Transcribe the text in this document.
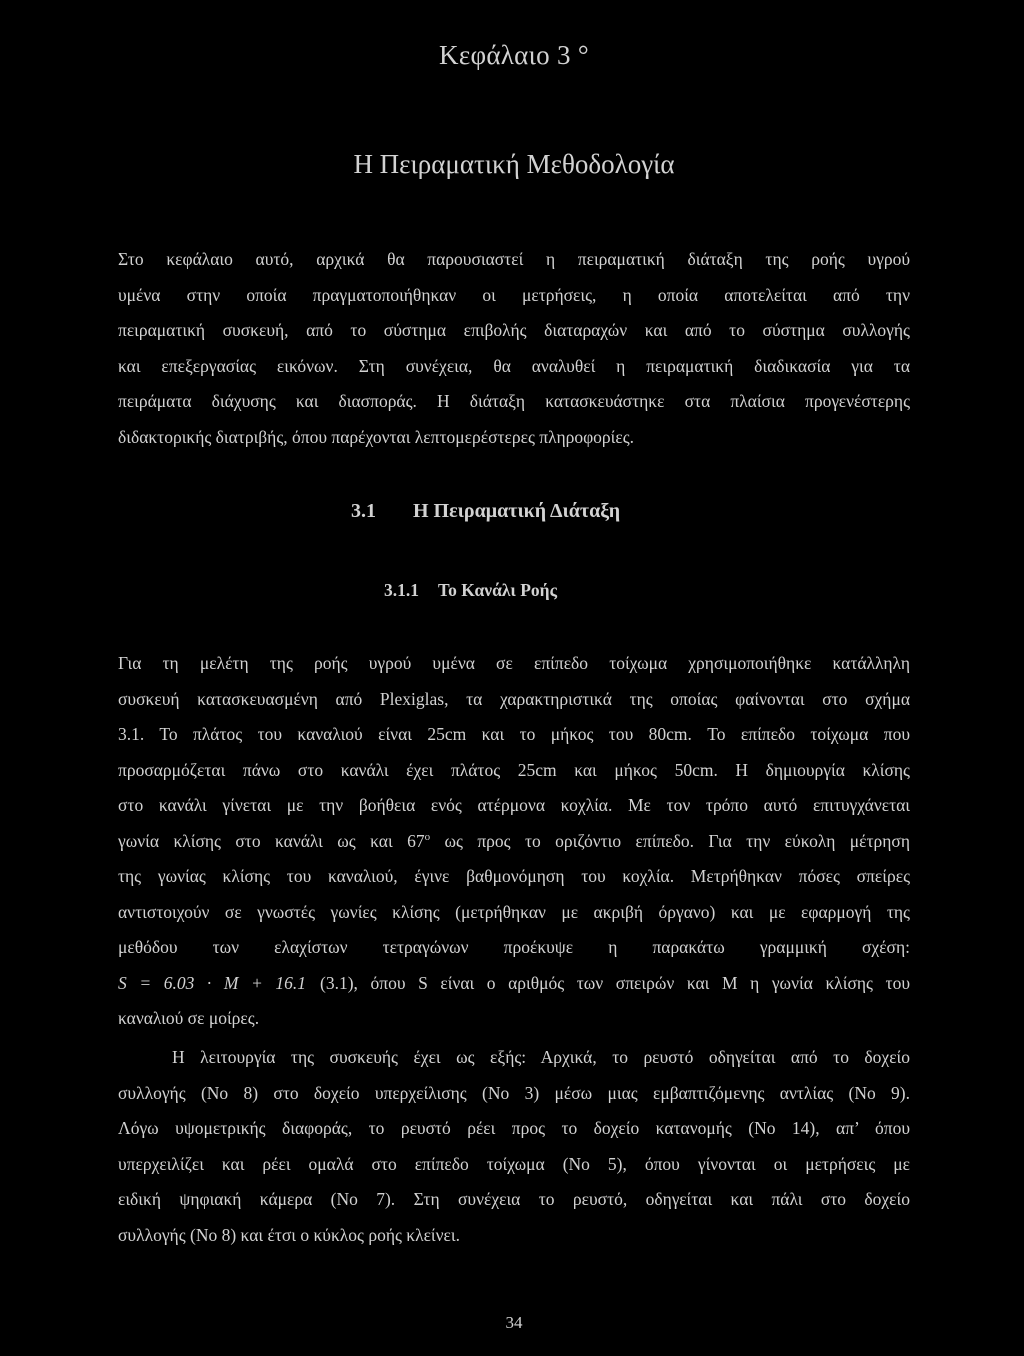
Κεφάλαιο 3 °
Η Πειραματική Μεθοδολογία
Στο κεφάλαιο αυτό, αρχικά θα παρουσιαστεί η πειραματική διάταξη της ροής υγρού
υμένα στην οποία πραγματοποιήθηκαν οι μετρήσεις, η οποία αποτελείται από την
πειραματική συσκευή, από το σύστημα επιβολής διαταραχών και από το σύστημα συλλογής
και επεξεργασίας εικόνων. Στη συνέχεια, θα αναλυθεί η πειραματική διαδικασία για τα
πειράματα διάχυσης και διασποράς. Η διάταξη κατασκευάστηκε στα πλαίσια προγενέστερης
διδακτορικής διατριβής, όπου παρέχονται λεπτομερέστερες πληροφορίες.
3.1 Η Πειραματική Διάταξη
3.1.1 Το Κανάλι Ροής
Για τη μελέτη της ροής υγρού υμένα σε επίπεδο τοίχωμα χρησιμοποιήθηκε κατάλληλη
συσκευή κατασκευασμένη από Plexiglas, τα χαρακτηριστικά της οποίας φαίνονται στο σχήμα
3.1. Το πλάτος του καναλιού είναι 25cm και το μήκος του 80cm. Το επίπεδο τοίχωμα που
προσαρμόζεται πάνω στο κανάλι έχει πλάτος 25cm και μήκος 50cm. Η δημιουργία κλίσης
στο κανάλι γίνεται με την βοήθεια ενός ατέρμονα κοχλία. Με τον τρόπο αυτό επιτυγχάνεται
γωνία κλίσης στο κανάλι ως και 67$^o$ ως προς το οριζόντιο επίπεδο. Για την εύκολη μέτρηση
της γωνίας κλίσης του καναλιού, έγινε βαθμονόμηση του κοχλία. Μετρήθηκαν πόσες σπείρες
αντιστοιχούν σε γνωστές γωνίες κλίσης (μετρήθηκαν με ακριβή όργανο) και με εφαρμογή της
μεθόδου των ελαχίστων τετραγώνων προέκυψε η παρακάτω γραμμική σχέση:
S = 6.03 · M + 16.1 (3.1), όπου S είναι ο αριθμός των σπειρών και M η γωνία κλίσης του
καναλιού σε μοίρες.
Η λειτουργία της συσκευής έχει ως εξής: Αρχικά, το ρευστό οδηγείται από το δοχείο
συλλογής (Νο 8) στο δοχείο υπερχείλισης (Νο 3) μέσω μιας εμβαπτιζόμενης αντλίας (Νο 9).
Λόγω υψομετρικής διαφοράς, το ρευστό ρέει προς το δοχείο κατανομής (Νο 14), απ’ όπου
υπερχειλίζει και ρέει ομαλά στο επίπεδο τοίχωμα (Νο 5), όπου γίνονται οι μετρήσεις με
ειδική ψηφιακή κάμερα (Νο 7). Στη συνέχεια το ρευστό, οδηγείται και πάλι στο δοχείο
συλλογής (Νο 8) και έτσι ο κύκλος ροής κλείνει.
34
